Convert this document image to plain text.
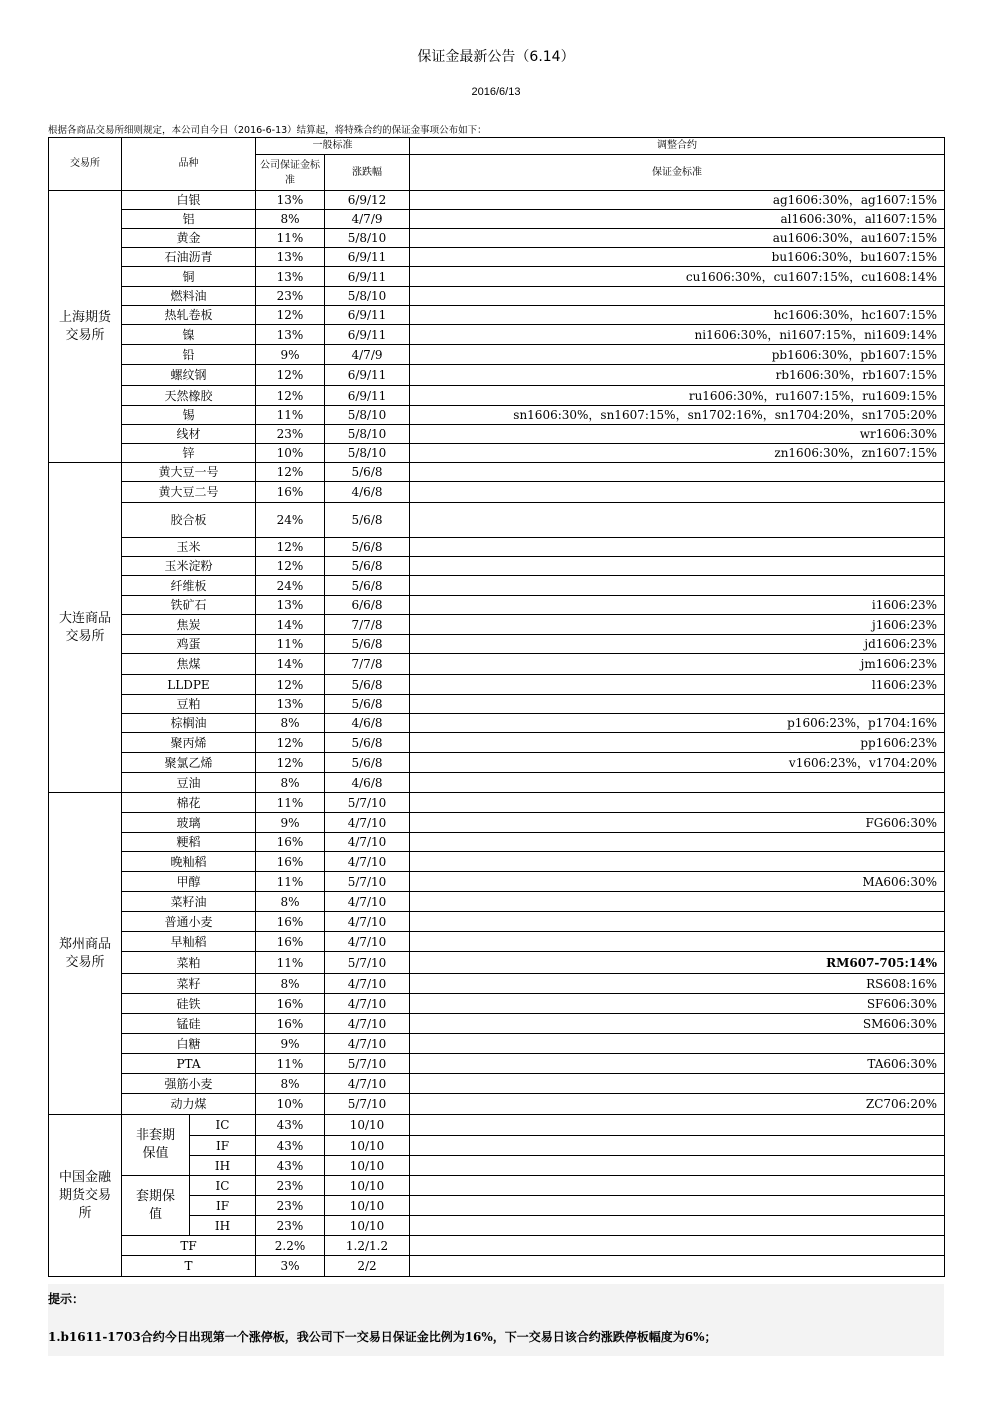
保证金最新公告（6.14）
2016/6/13
根据各商品交易所细则规定，本公司自今日（2016-6-13）结算起，将特殊合约的保证金事项公布如下：
交易所	品种		一般标准		调整合约
			公司保证金标准	涨跌幅	保证金标准

上海期货交易所	白银		13%	6/9/12	ag1606:30%，ag1607:15%
	铝		8%	4/7/9	al1606:30%，al1607:15%
	黄金		11%	5/8/10	au1606:30%，au1607:15%
	石油沥青		13%	6/9/11	bu1606:30%，bu1607:15%
	铜		13%	6/9/11	cu1606:30%，cu1607:15%，cu1608:14%
	燃料油		23%	5/8/10	
	热轧卷板		12%	6/9/11	hc1606:30%，hc1607:15%
	镍		13%	6/9/11	ni1606:30%，ni1607:15%，ni1609:14%
	铅		9%	4/7/9	pb1606:30%，pb1607:15%
	螺纹钢		12%	6/9/11	rb1606:30%，rb1607:15%
	天然橡胶		12%	6/9/11	ru1606:30%，ru1607:15%，ru1609:15%
	锡		11%	5/8/10	sn1606:30%，sn1607:15%，sn1702:16%，sn1704:20%，sn1705:20%
	线材		23%	5/8/10	wr1606:30%
	锌		10%	5/8/10	zn1606:30%，zn1607:15%
大连商品交易所	黄大豆一号		12%	5/6/8	
	黄大豆二号		16%	4/6/8	
	胶合板		24%	5/6/8	
	玉米		12%	5/6/8	
	玉米淀粉		12%	5/6/8	
	纤维板		24%	5/6/8	
	铁矿石		13%	6/6/8	i1606:23%
	焦炭		14%	7/7/8	j1606:23%
	鸡蛋		11%	5/6/8	jd1606:23%
	焦煤		14%	7/7/8	jm1606:23%
	LLDPE		12%	5/6/8	l1606:23%
	豆粕		13%	5/6/8	
	棕榈油		8%	4/6/8	p1606:23%，p1704:16%
	聚丙烯		12%	5/6/8	pp1606:23%
	聚氯乙烯		12%	5/6/8	v1606:23%，v1704:20%
	豆油		8%	4/6/8	
郑州商品交易所	棉花		11%	5/7/10	
	玻璃		9%	4/7/10	FG606:30%
	粳稻		16%	4/7/10	
	晚籼稻		16%	4/7/10	
	甲醇		11%	5/7/10	MA606:30%
	菜籽油		8%	4/7/10	
	普通小麦		16%	4/7/10	
	早籼稻		16%	4/7/10	
	菜粕		11%	5/7/10	RM607-705:14%
	菜籽		8%	4/7/10	RS608:16%
	硅铁		16%	4/7/10	SF606:30%
	锰硅		16%	4/7/10	SM606:30%
	白糖		9%	4/7/10	
	PTA		11%	5/7/10	TA606:30%
	强筋小麦		8%	4/7/10	
	动力煤		10%	5/7/10	ZC706:20%
中国金融期货交易所	非套期保值	IC	43%	10/10	
		IF	43%	10/10	
		IH	43%	10/10	
	套期保值	IC	23%	10/10	
		IF	23%	10/10	
		IH	23%	10/10	
	TF		2.2%	1.2/1.2	
	T		3%	2/2	
提示：
1.b1611-1703合约今日出现第一个涨停板，我公司下一交易日保证金比例为16%，下一交易日该合约涨跌停板幅度为6%；
